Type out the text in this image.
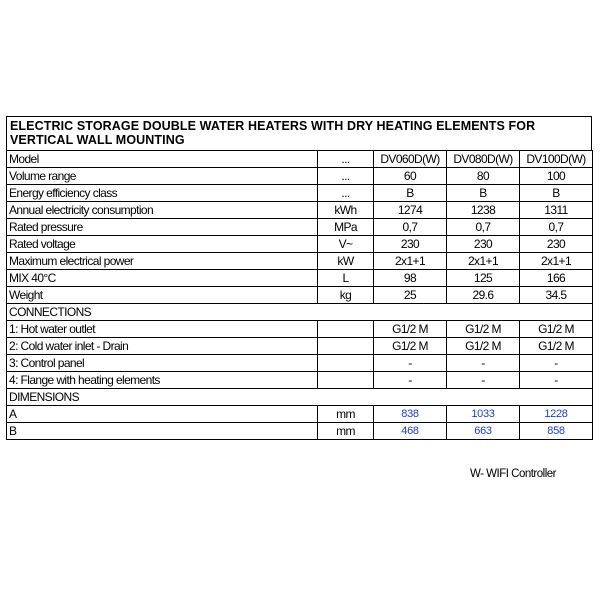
ELECTRIC STORAGE DOUBLE WATER HEATERS WITH DRY HEATING ELEMENTS FOR
VERTICAL WALL MOUNTING
Model	...	DV060D(W)	DV080D(W)	DV100D(W)
Volume range	...	60	80	100
Energy efficiency class	...	B	B	B
Annual electricity consumption	kWh	1274	1238	1311
Rated pressure	MPa	0,7	0,7	0,7
Rated voltage	V~	230	230	230
Maximum electrical power	kW	2x1+1	2x1+1	2x1+1
MIX 40°C	L	98	125	166
Weight	kg	25	29.6	34.5
CONNECTIONS				
1: Hot water outlet		G1/2 M	G1/2 M	G1/2 M
2: Cold water inlet - Drain		G1/2 M	G1/2 M	G1/2 M
3: Control panel		-	-	-
4: Flange with heating elements		-	-	-
DIMENSIONS				
A	mm	838	1033	1228
B	mm	468	663	858
W- WIFI Controller
